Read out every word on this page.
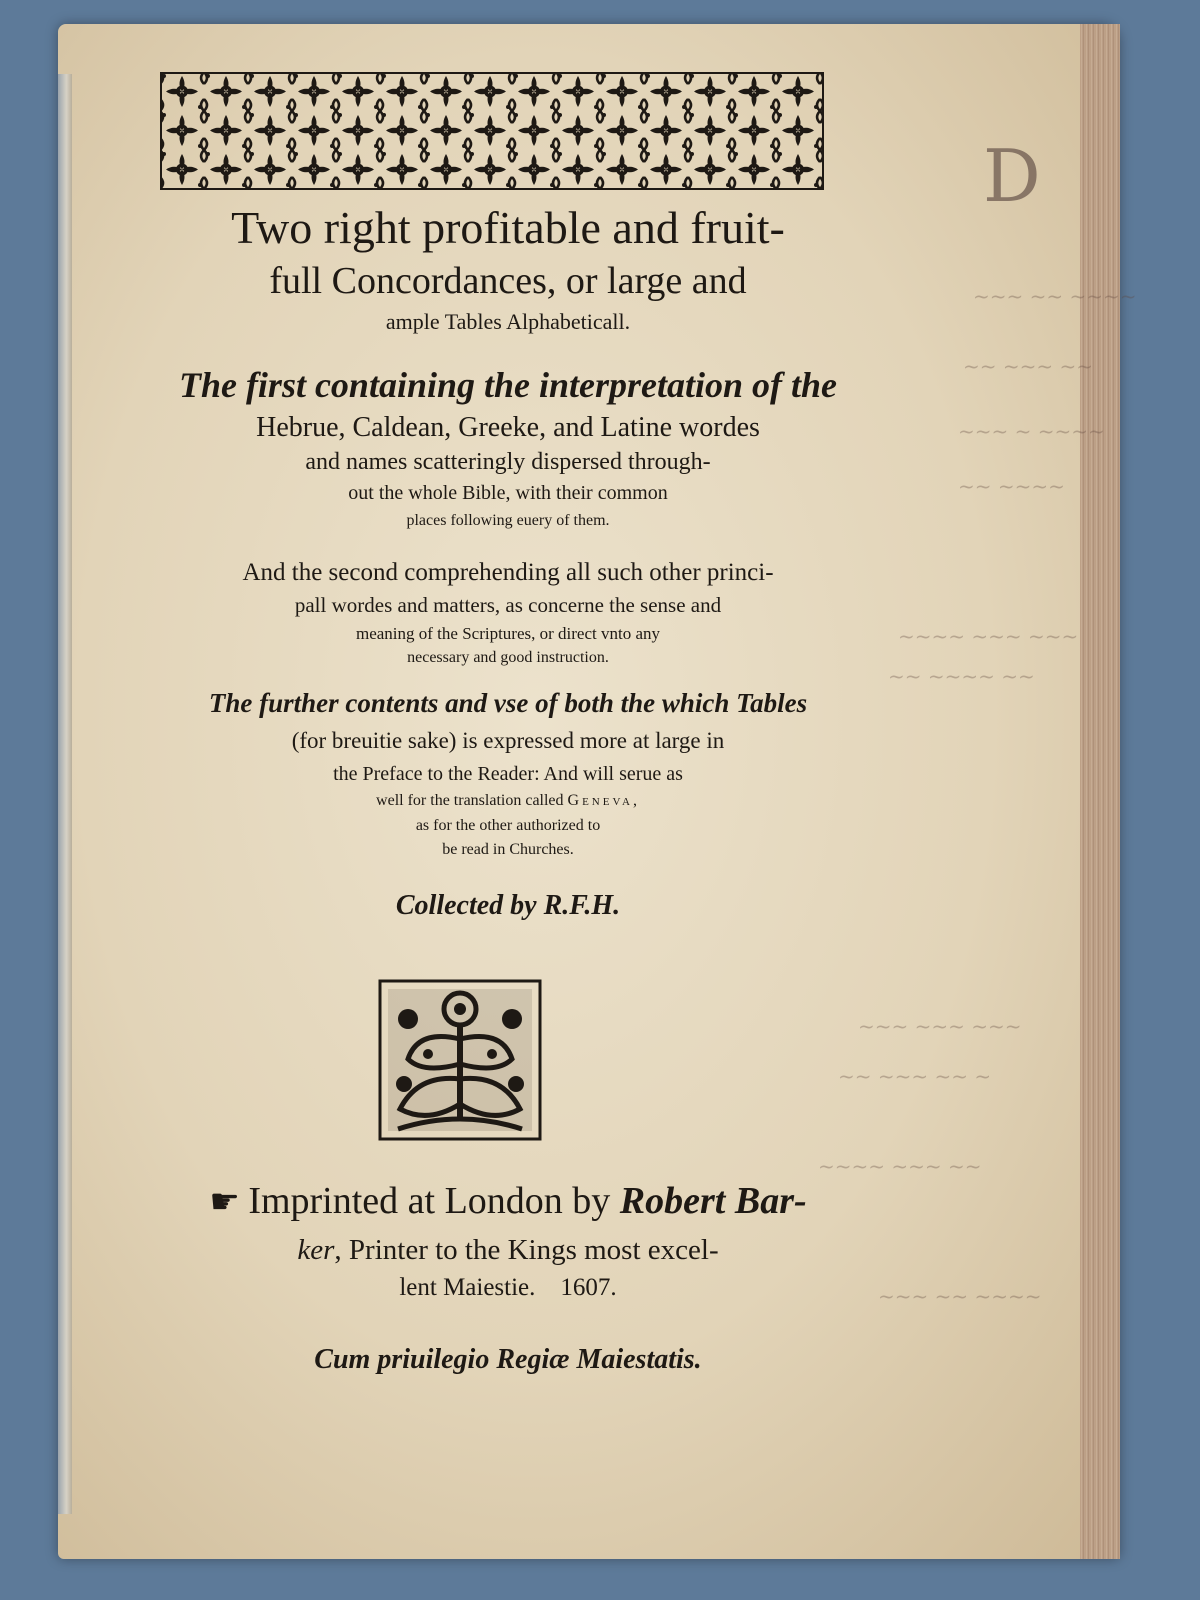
D
~~~ ~~ ~~~~
~~ ~~~ ~~
~~~ ~ ~~~~
~~ ~~~~
~~~~ ~~~ ~~~
~~ ~~~~ ~~
~~~ ~~~ ~~~
~~ ~~~ ~~ ~
~~~~ ~~~ ~~
~~~ ~~ ~~~~
Two right profitable and fruit-
full Concordances, or large and
ample Tables Alphabeticall.
The first containing the interpretation of the
Hebrue, Caldean, Greeke, and Latine wordes
and names scatteringly dispersed through-
out the whole Bible, with their common
places following euery of them.
And the second comprehending all such other princi-
pall wordes and matters, as concerne the sense and
meaning of the Scriptures, or direct vnto any
necessary and good instruction.
The further contents and vse of both the which Tables
(for breuitie sake) is expressed more at large in
the Preface to the Reader: And will serue as
well for the translation called Geneva,
as for the other authorized to
be read in Churches.
Collected by R.F.H.
☛ Imprinted at London by Robert Bar-
ker, Printer to the Kings most excel-
lent Maiestie. 1607.
Cum priuilegio Regiæ Maiestatis.
